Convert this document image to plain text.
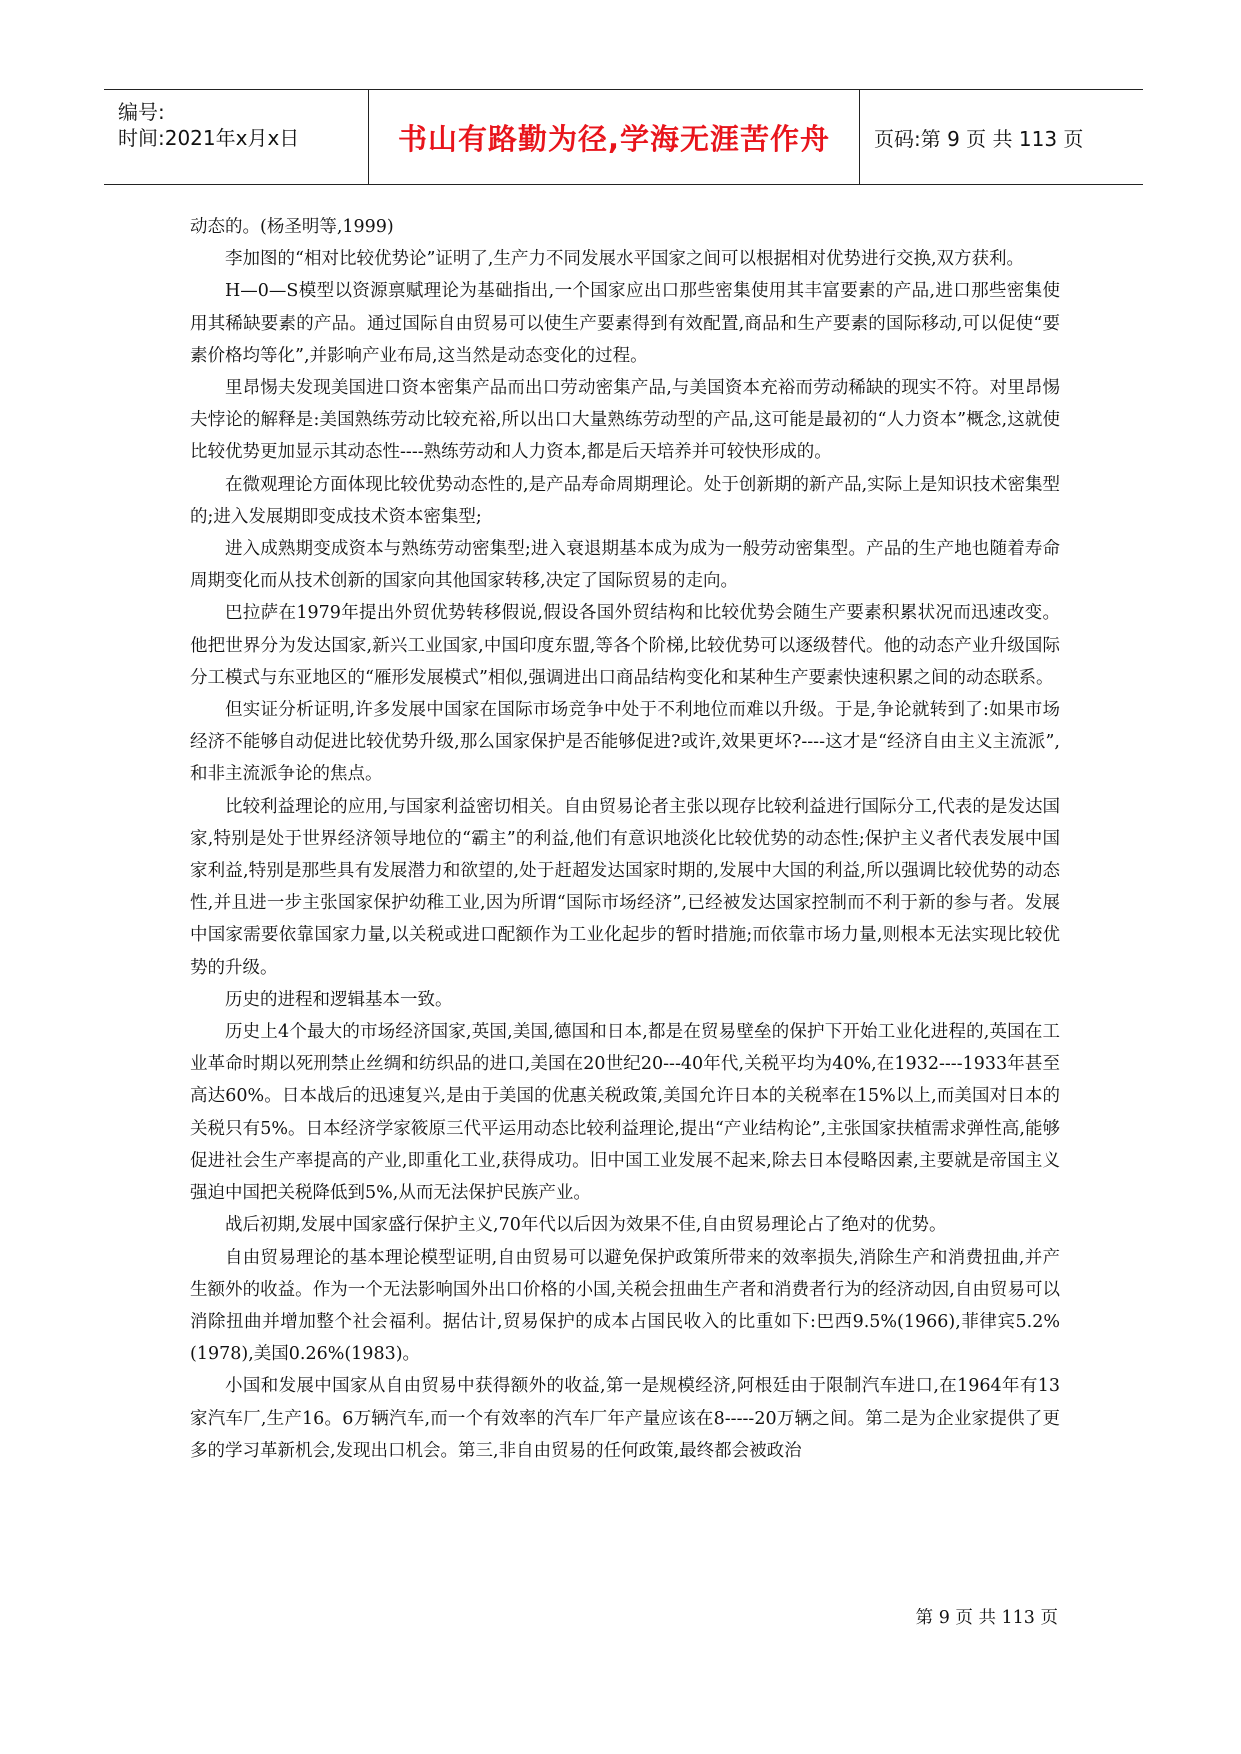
编号:
时间:2021年x月x日	书山有路勤为径,学海无涯苦作舟	页码:第 9 页 共 113 页

动态的。(杨圣明等,1999)

李加图的“相对比较优势论”证明了,生产力不同发展水平国家之间可以根据相对优势进行交换,双方获利。

H—0—S模型以资源禀赋理论为基础指出,一个国家应出口那些密集使用其丰富要素的产品,进口那些密集使用其稀缺要素的产品。通过国际自由贸易可以使生产要素得到有效配置,商品和生产要素的国际移动,可以促使“要素价格均等化”,并影响产业布局,这当然是动态变化的过程。

里昂惕夫发现美国进口资本密集产品而出口劳动密集产品,与美国资本充裕而劳动稀缺的现实不符。对里昂惕夫悖论的解释是:美国熟练劳动比较充裕,所以出口大量熟练劳动型的产品,这可能是最初的“人力资本”概念,这就使比较优势更加显示其动态性----熟练劳动和人力资本,都是后天培养并可较快形成的。

在微观理论方面体现比较优势动态性的,是产品寿命周期理论。处于创新期的新产品,实际上是知识技术密集型的;进入发展期即变成技术资本密集型;

进入成熟期变成资本与熟练劳动密集型;进入衰退期基本成为成为一般劳动密集型。产品的生产地也随着寿命周期变化而从技术创新的国家向其他国家转移,决定了国际贸易的走向。

巴拉萨在1979年提出外贸优势转移假说,假设各国外贸结构和比较优势会随生产要素积累状况而迅速改变。他把世界分为发达国家,新兴工业国家,中国印度东盟,等各个阶梯,比较优势可以逐级替代。他的动态产业升级国际分工模式与东亚地区的“雁形发展模式”相似,强调进出口商品结构变化和某种生产要素快速积累之间的动态联系。

但实证分析证明,许多发展中国家在国际市场竞争中处于不利地位而难以升级。于是,争论就转到了:如果市场经济不能够自动促进比较优势升级,那么国家保护是否能够促进?或许,效果更坏?----这才是“经济自由主义主流派”,和非主流派争论的焦点。

比较利益理论的应用,与国家利益密切相关。自由贸易论者主张以现存比较利益进行国际分工,代表的是发达国家,特别是处于世界经济领导地位的“霸主”的利益,他们有意识地淡化比较优势的动态性;保护主义者代表发展中国家利益,特别是那些具有发展潜力和欲望的,处于赶超发达国家时期的,发展中大国的利益,所以强调比较优势的动态性,并且进一步主张国家保护幼稚工业,因为所谓“国际市场经济”,已经被发达国家控制而不利于新的参与者。发展中国家需要依靠国家力量,以关税或进口配额作为工业化起步的暂时措施;而依靠市场力量,则根本无法实现比较优势的升级。

历史的进程和逻辑基本一致。

历史上4个最大的市场经济国家,英国,美国,德国和日本,都是在贸易壁垒的保护下开始工业化进程的,英国在工业革命时期以死刑禁止丝绸和纺织品的进口,美国在20世纪20---40年代,关税平均为40%,在1932----1933年甚至高达60%。日本战后的迅速复兴,是由于美国的优惠关税政策,美国允许日本的关税率在15%以上,而美国对日本的关税只有5%。日本经济学家筱原三代平运用动态比较利益理论,提出“产业结构论”,主张国家扶植需求弹性高,能够促进社会生产率提高的产业,即重化工业,获得成功。旧中国工业发展不起来,除去日本侵略因素,主要就是帝国主义强迫中国把关税降低到5%,从而无法保护民族产业。

战后初期,发展中国家盛行保护主义,70年代以后因为效果不佳,自由贸易理论占了绝对的优势。

自由贸易理论的基本理论模型证明,自由贸易可以避免保护政策所带来的效率损失,消除生产和消费扭曲,并产生额外的收益。作为一个无法影响国外出口价格的小国,关税会扭曲生产者和消费者行为的经济动因,自由贸易可以消除扭曲并增加整个社会福利。据估计,贸易保护的成本占国民收入的比重如下:巴西9.5%(1966),菲律宾5.2%(1978),美国0.26%(1983)。

小国和发展中国家从自由贸易中获得额外的收益,第一是规模经济,阿根廷由于限制汽车进口,在1964年有13家汽车厂,生产16。6万辆汽车,而一个有效率的汽车厂年产量应该在8-----20万辆之间。第二是为企业家提供了更多的学习革新机会,发现出口机会。第三,非自由贸易的任何政策,最终都会被政治

第 9 页 共 113 页
